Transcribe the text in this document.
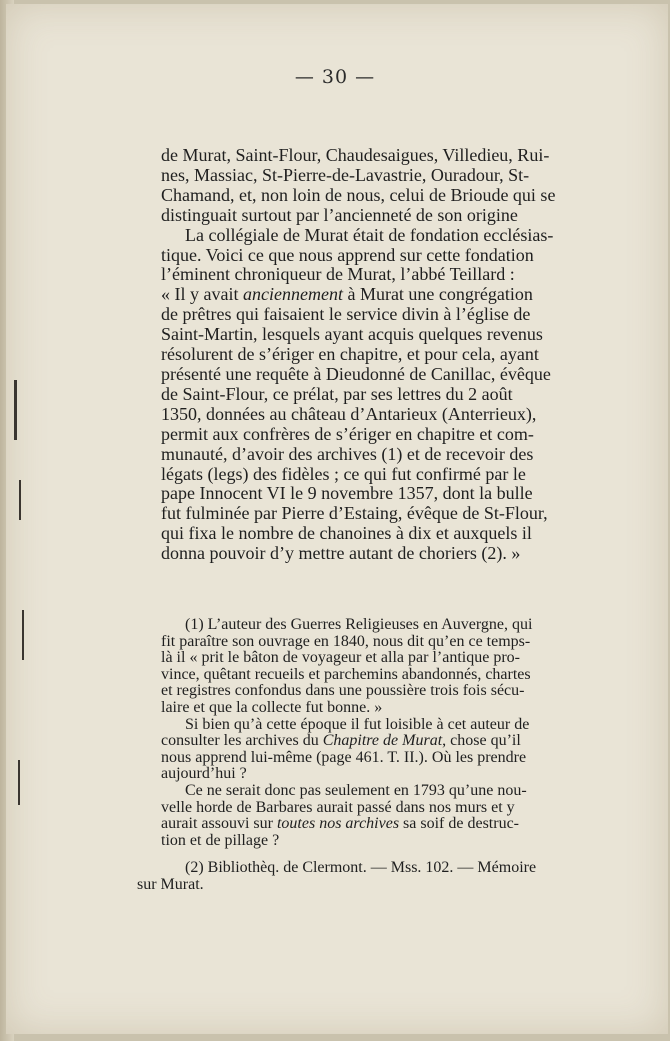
— 30 —

de Murat, Saint-Flour, Chaudesaigues, Villedieu, Rui-
nes, Massiac, St-Pierre-de-Lavastrie, Ouradour, St-
Chamand, et, non loin de nous, celui de Brioude qui se
distinguait surtout par l’ancienneté de son origine

La collégiale de Murat était de fondation ecclésias-
tique. Voici ce que nous apprend sur cette fondation
l’éminent chroniqueur de Murat, l’abbé Teillard :
« Il y avait anciennement à Murat une congrégation
de prêtres qui faisaient le service divin à l’église de
Saint-Martin, lesquels ayant acquis quelques revenus
résolurent de s’ériger en chapitre, et pour cela, ayant
présenté une requête à Dieudonné de Canillac, évêque
de Saint-Flour, ce prélat, par ses lettres du 2 août
1350, données au château d’Antarieux (Anterrieux),
permit aux confrères de s’ériger en chapitre et com-
munauté, d’avoir des archives (1) et de recevoir des
légats (legs) des fidèles ; ce qui fut confirmé par le
pape Innocent VI le 9 novembre 1357, dont la bulle
fut fulminée par Pierre d’Estaing, évêque de St-Flour,
qui fixa le nombre de chanoines à dix et auxquels il
donna pouvoir d’y mettre autant de choriers (2). »

(1) L’auteur des Guerres Religieuses en Auvergne, qui
fit paraître son ouvrage en 1840, nous dit qu’en ce temps-
là il « prit le bâton de voyageur et alla par l’antique pro-
vince, quêtant recueils et parchemins abandonnés, chartes
et registres confondus dans une poussière trois fois sécu-
laire et que la collecte fut bonne. »

Si bien qu’à cette époque il fut loisible à cet auteur de
consulter les archives du Chapitre de Murat, chose qu’il
nous apprend lui-même (page 461. T. II.). Où les prendre
aujourd’hui ?

Ce ne serait donc pas seulement en 1793 qu’une nou-
velle horde de Barbares aurait passé dans nos murs et y
aurait assouvi sur toutes nos archives sa soif de destruc-
tion et de pillage ?

(2) Bibliothèq. de Clermont. — Mss. 102. — Mémoire
sur Murat.
